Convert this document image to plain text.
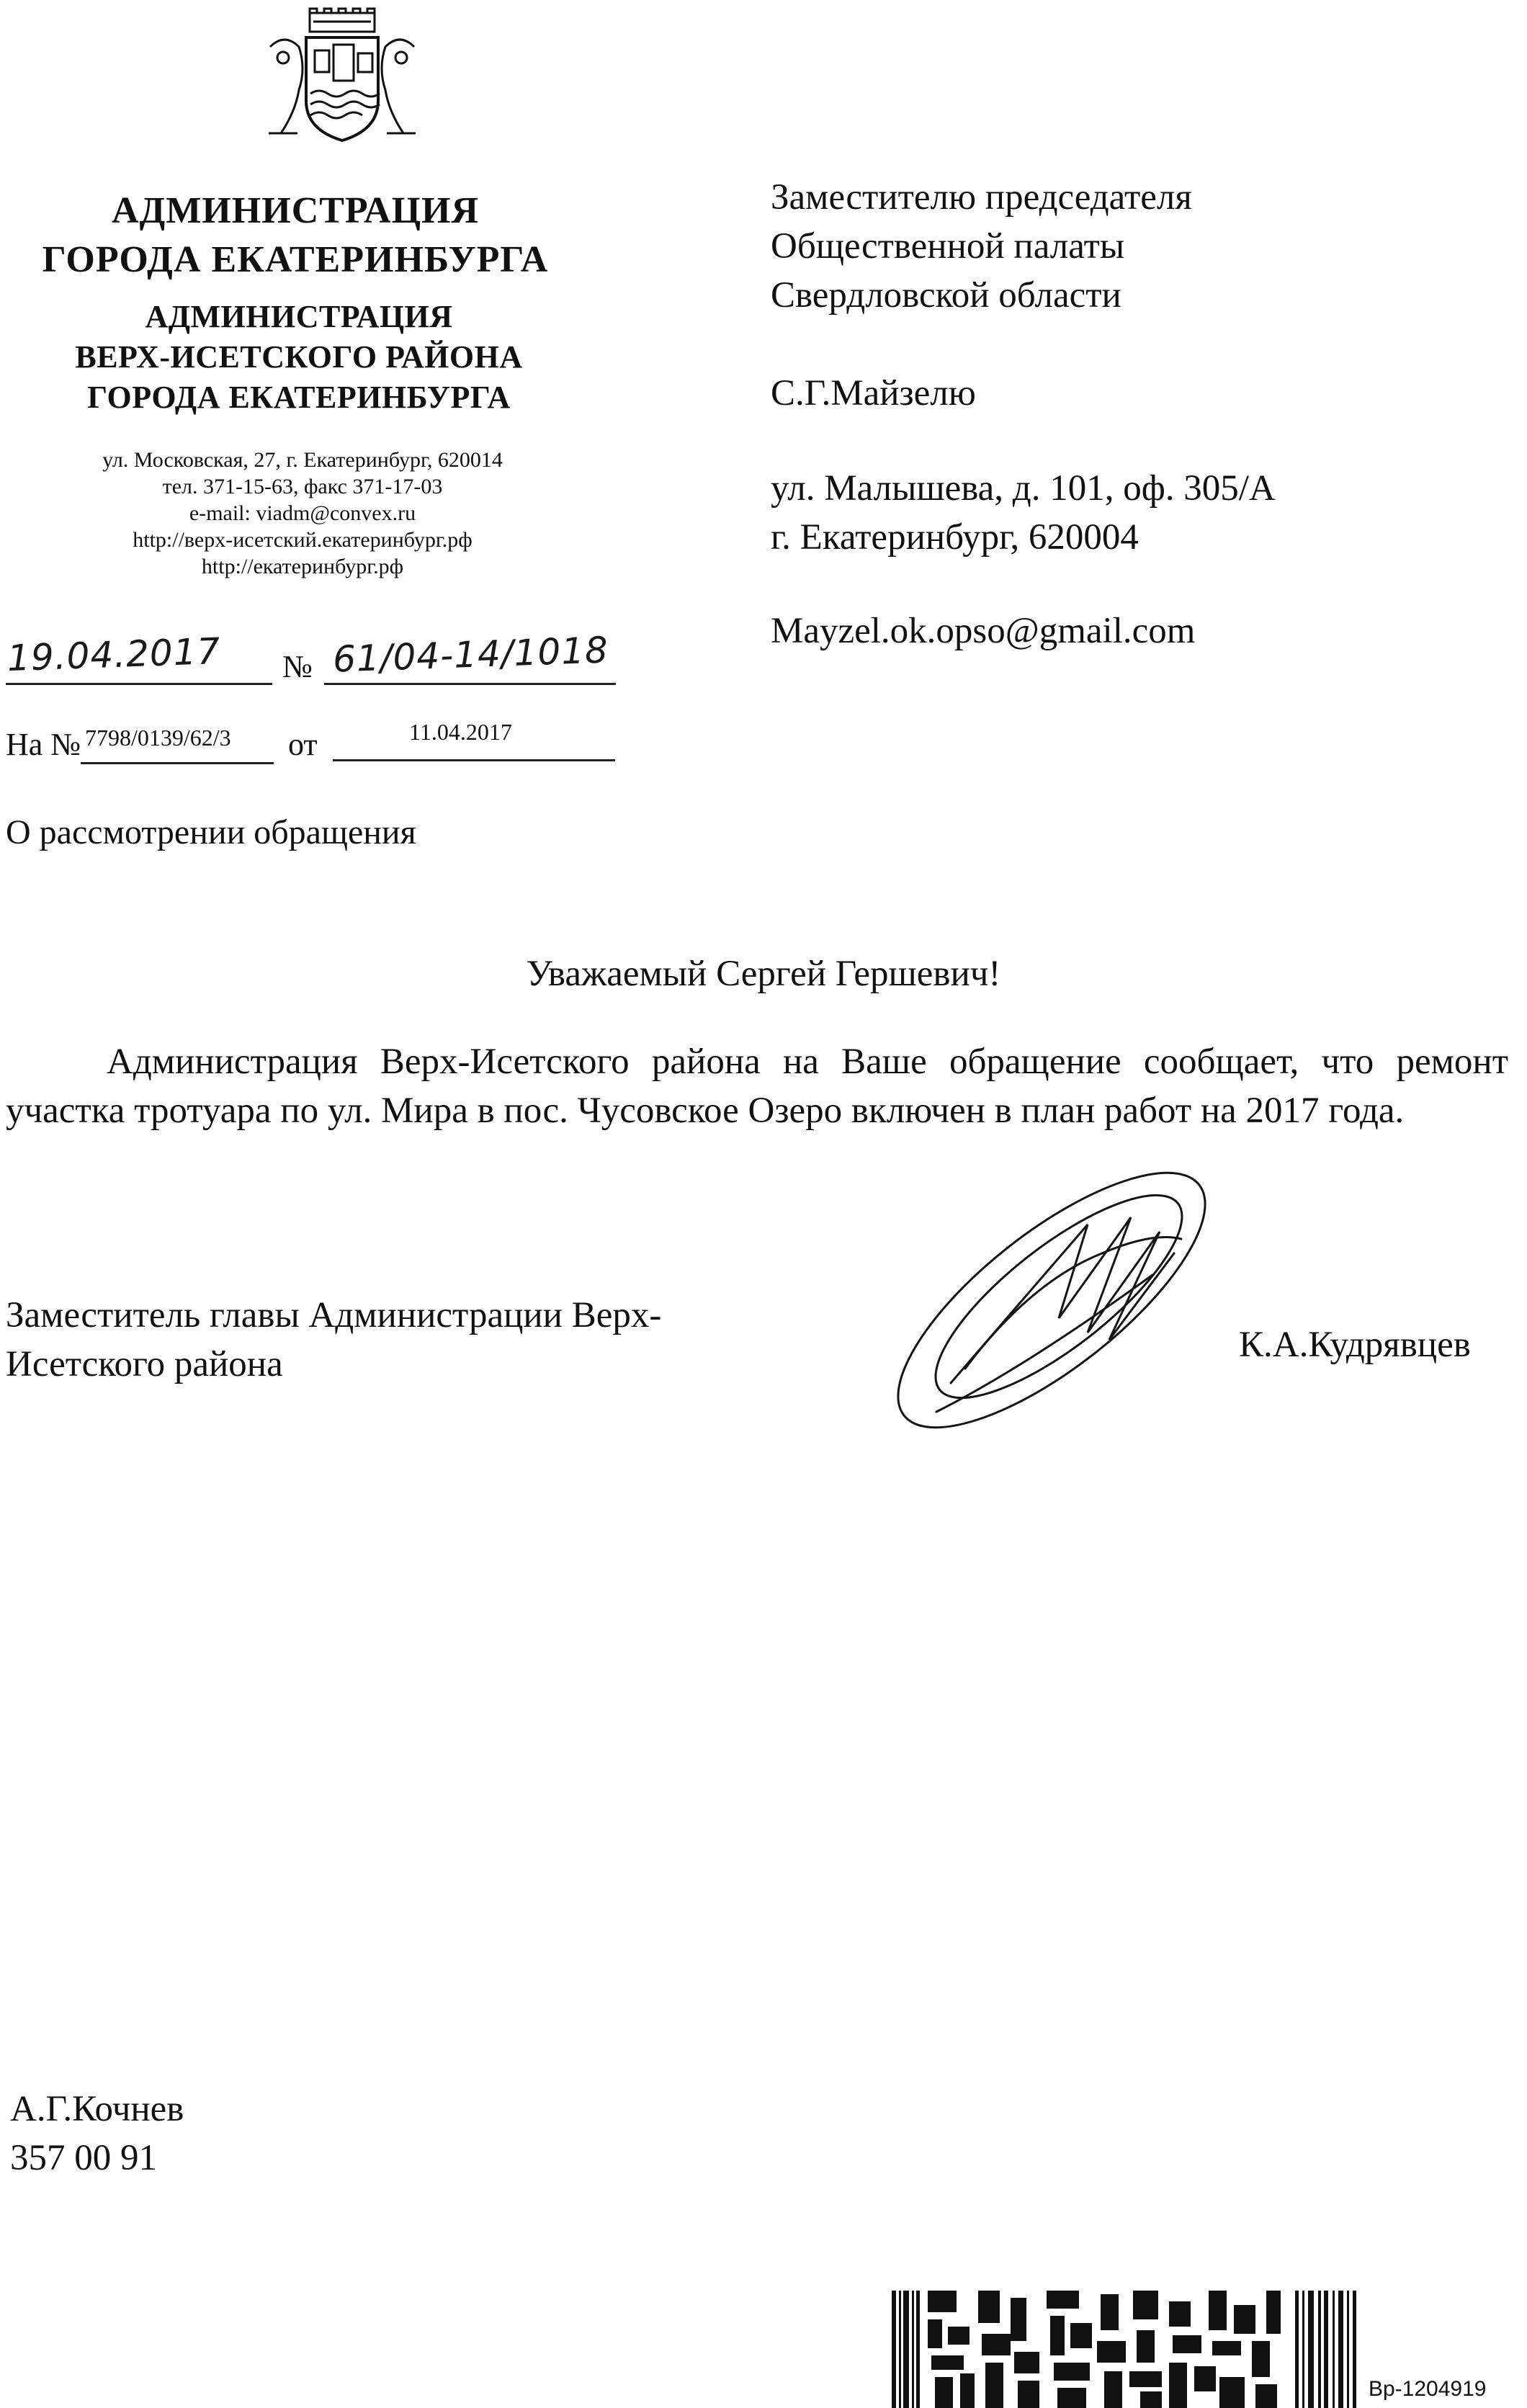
АДМИНИСТРАЦИЯ
ГОРОДА ЕКАТЕРИНБУРГА
АДМИНИСТРАЦИЯ
ВЕРХ-ИСЕТСКОГО РАЙОНА
ГОРОДА ЕКАТЕРИНБУРГА
ул. Московская, 27, г. Екатеринбург, 620014
тел. 371-15-63, факс 371-17-03
e-mail: viadm@convex.ru
http://верх-исетский.екатеринбург.рф
http://екатеринбург.рф
Заместителю председателя
Общественной палаты
Свердловской области
С.Г.Майзелю
ул. Малышева, д. 101, оф. 305/А
г. Екатеринбург, 620004
Mayzel.ok.opso@gmail.com
19.04.2017 № 61/04-14/1018
На № 7798/0139/62/3 от	11.04.2017
О рассмотрении обращения
Уважаемый Сергей Гершевич!
Администрация Верх-Исетского района на Ваше обращение сообщает, что ремонт участка тротуара по ул. Мира в пос. Чусовское Озеро включен в план работ на 2017 года.
Заместитель главы Администрации Верх-Исетского района	К.А.Кудрявцев
А.Г.Кочнев
357 00 91
Вр-1204919
